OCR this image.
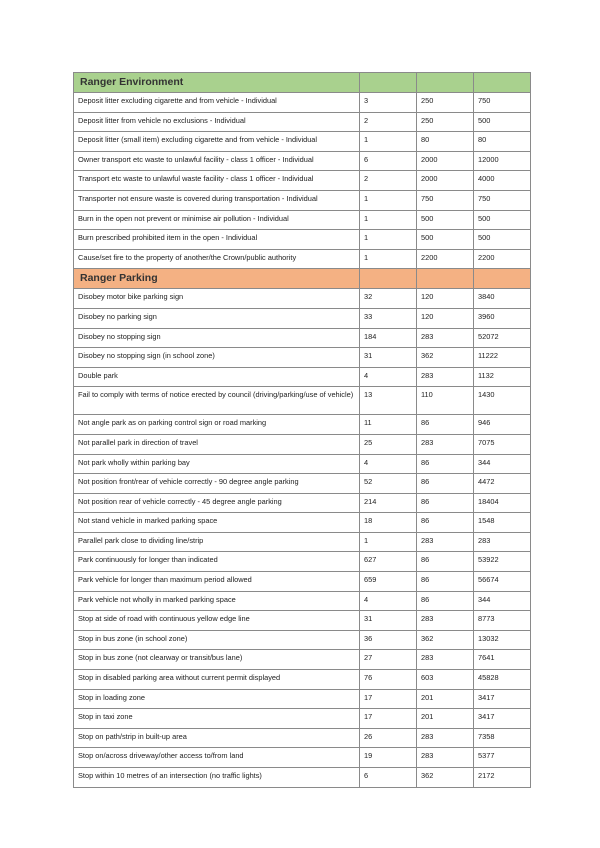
Ranger Environment			
Deposit litter excluding cigarette and from vehicle - Individual	3	250	750
Deposit litter from vehicle no exclusions - Individual	2	250	500
Deposit litter (small item) excluding cigarette and from vehicle - Individual	1	80	80
Owner transport etc waste to unlawful facility - class 1 officer - Individual	6	2000	12000
Transport etc waste to unlawful waste facility - class 1 officer - Individual	2	2000	4000
Transporter not ensure waste is covered during transportation - Individual	1	750	750
Burn in the open not prevent or minimise air pollution - Individual	1	500	500
Burn prescribed prohibited item in the open - Individual	1	500	500
Cause/set fire to the property of another/the Crown/public authority	1	2200	2200
Ranger Parking			
Disobey motor bike parking sign	32	120	3840
Disobey no parking sign	33	120	3960
Disobey no stopping sign	184	283	52072
Disobey no stopping sign (in school zone)	31	362	11222
Double park	4	283	1132
Fail to comply with terms of notice erected by council (driving/parking/use of vehicle)	13	110	1430
Not angle park as on parking control sign or road marking	11	86	946
Not parallel park in direction of travel	25	283	7075
Not park wholly within parking bay	4	86	344
Not position front/rear of vehicle correctly - 90 degree angle parking	52	86	4472
Not position rear of vehicle correctly - 45 degree angle parking	214	86	18404
Not stand vehicle in marked parking space	18	86	1548
Parallel park close to dividing line/strip	1	283	283
Park continuously for longer than indicated	627	86	53922
Park vehicle for longer than maximum period allowed	659	86	56674
Park vehicle not wholly in marked parking space	4	86	344
Stop at side of road with continuous yellow edge line	31	283	8773
Stop in bus zone (in school zone)	36	362	13032
Stop in bus zone (not clearway or transit/bus lane)	27	283	7641
Stop in disabled parking area without current permit displayed	76	603	45828
Stop in loading zone	17	201	3417
Stop in taxi zone	17	201	3417
Stop on path/strip in built-up area	26	283	7358
Stop on/across driveway/other access to/from land	19	283	5377
Stop within 10 metres of an intersection (no traffic lights)	6	362	2172
